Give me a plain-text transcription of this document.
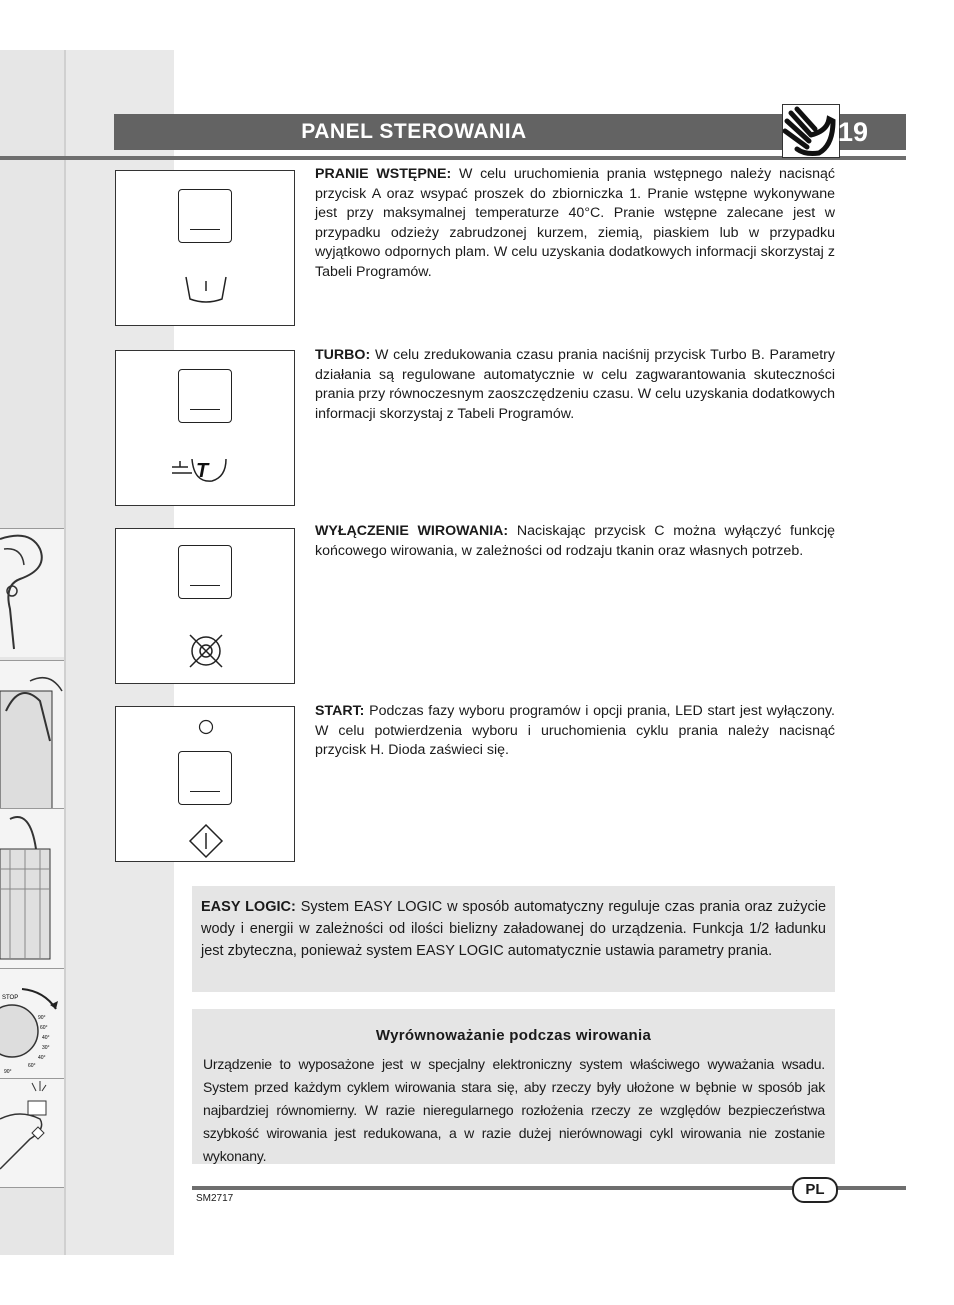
STOP
90°
60°
40°
30°
40°
60°
90°
PANEL STEROWANIA	19
PRANIE WSTĘPNE: W celu uruchomienia prania wstępnego należy nacisnąć przycisk A oraz wsypać proszek do zbiorniczka 1. Pranie wstępne wykonywane jest przy maksymalnej temperaturze 40°C. Pranie wstępne zalecane jest w przypadku odzieży zabrudzonej kurzem, ziemią, piaskiem lub w przypadku wyjątkowo odpornych plam. W celu uzyskania dodatkowych informacji skorzystaj z Tabeli Programów.
T
TURBO: W celu zredukowania czasu prania naciśnij przycisk Turbo B. Parametry działania są regulowane automatycznie w celu zagwarantowania skuteczności prania przy równoczesnym zaoszczędzeniu czasu. W celu uzyskania dodatkowych informacji skorzystaj z Tabeli Programów.
WYŁĄCZENIE WIROWANIA: Naciskając przycisk C można wyłączyć funkcję końcowego wirowania, w zależności od rodzaju tkanin oraz własnych potrzeb.
START: Podczas fazy wyboru programów i opcji prania, LED start jest wyłączony. W celu potwierdzenia wyboru i uruchomienia cyklu prania należy nacisnąć przycisk H. Dioda zaświeci się.

EASY LOGIC: System EASY LOGIC w sposób automatyczny reguluje czas prania oraz zużycie wody i energii w zależności od ilości bielizny załadowanej do urządzenia. Funkcja 1/2 ładunku jest zbyteczna, ponieważ system EASY LOGIC automatycznie ustawia parametry prania.

Wyrównoważanie podczas wirowania

Urządzenie to wyposażone jest w specjalny elektroniczny system właściwego wyważania wsadu. System przed każdym cyklem wirowania stara się, aby rzeczy były ułożone w bębnie w sposób jak najbardziej równomierny. W razie nieregularnego rozłożenia rzeczy ze względów bezpieczeństwa szybkość wirowania jest redukowana, a w razie dużej nierównowagi cykl wirowania nie zostanie wykonany.

PL
SM2717
